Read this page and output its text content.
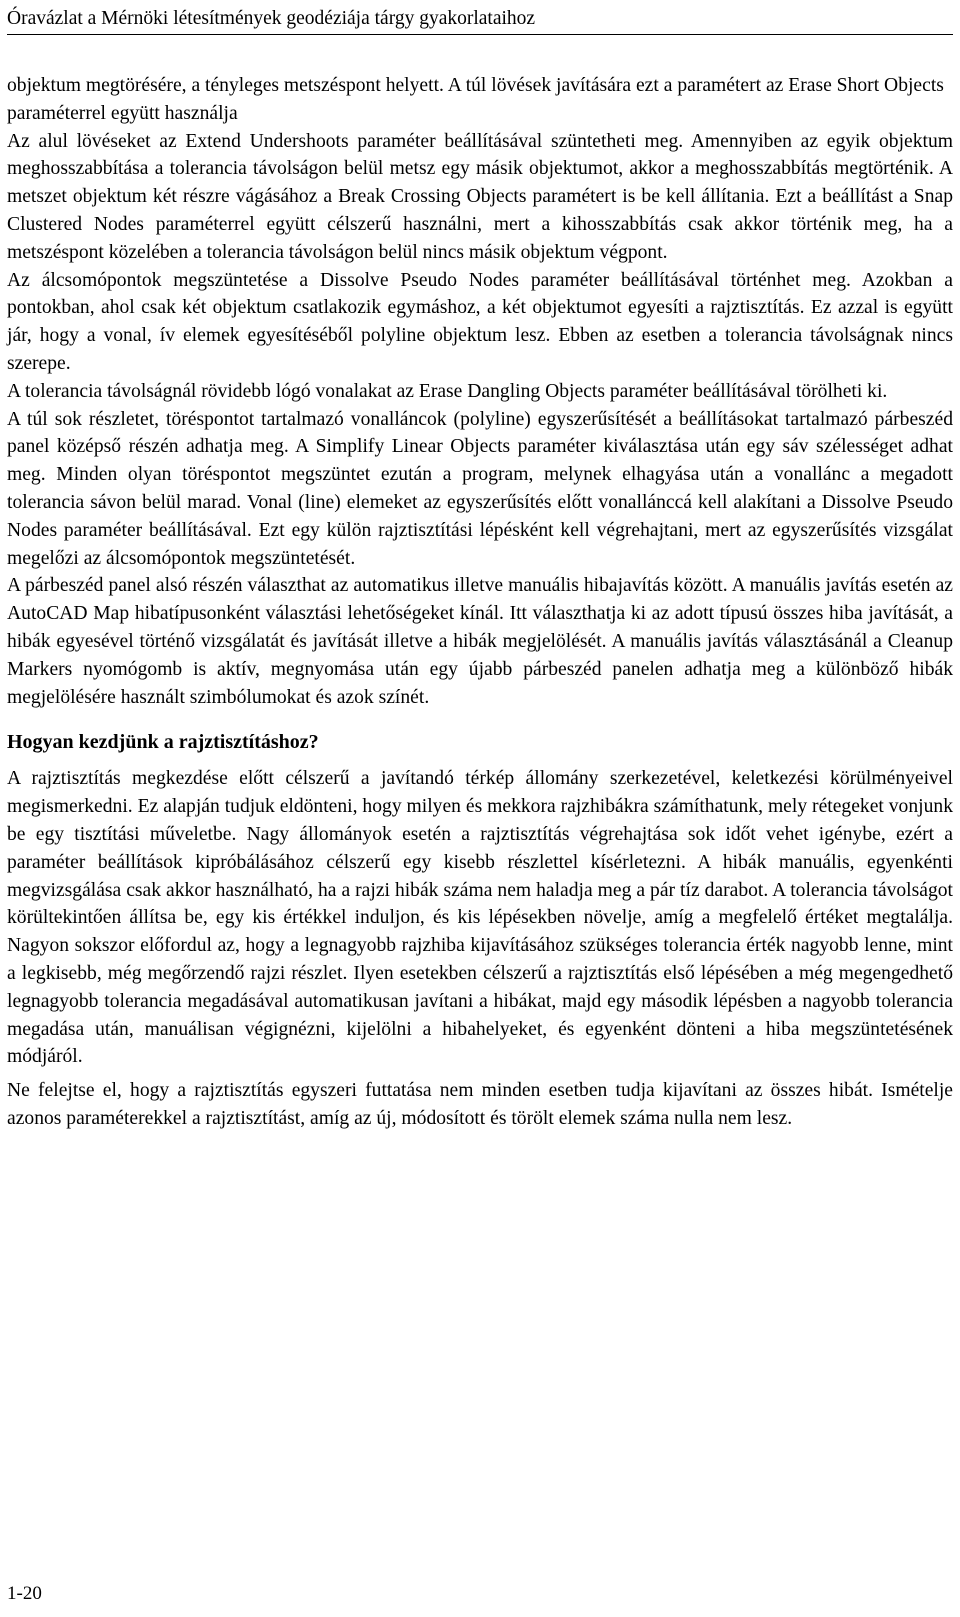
Óravázlat a Mérnöki létesítmények geodéziája tárgy gyakorlataihoz

objektum megtörésére, a tényleges metszéspont helyett. A túl lövések javítására ezt a paramétert az Erase Short Objects paraméterrel együtt használja

Az alul lövéseket az Extend Undershoots paraméter beállításával szüntetheti meg. Amennyiben az egyik objektum meghosszabbítása a tolerancia távolságon belül metsz egy másik objektumot, akkor a meghosszabbítás megtörténik. A metszet objektum két részre vágásához a Break Crossing Objects paramétert is be kell állítania. Ezt a beállítást a Snap Clustered Nodes paraméterrel együtt célszerű használni, mert a kihosszabbítás csak akkor történik meg, ha a metszéspont közelében a tolerancia távolságon belül nincs másik objektum végpont.

Az álcsomópontok megszüntetése a Dissolve Pseudo Nodes paraméter beállításával történhet meg. Azokban a pontokban, ahol csak két objektum csatlakozik egymáshoz, a két objektumot egyesíti a rajztisztítás. Ez azzal is együtt jár, hogy a vonal, ív elemek egyesítéséből polyline objektum lesz. Ebben az esetben a tolerancia távolságnak nincs szerepe.

A tolerancia távolságnál rövidebb lógó vonalakat az Erase Dangling Objects paraméter beállításával törölheti ki.

A túl sok részletet, töréspontot tartalmazó vonalláncok (polyline) egyszerűsítését a beállításokat tartalmazó párbeszéd panel középső részén adhatja meg. A Simplify Linear Objects paraméter kiválasztása után egy sáv szélességet adhat meg. Minden olyan töréspontot megszüntet ezután a program, melynek elhagyása után a vonallánc a megadott tolerancia sávon belül marad. Vonal (line) elemeket az egyszerűsítés előtt vonallánccá kell alakítani a Dissolve Pseudo Nodes paraméter beállításával. Ezt egy külön rajztisztítási lépésként kell végrehajtani, mert az egyszerűsítés vizsgálat megelőzi az álcsomópontok megszüntetését.

A párbeszéd panel alsó részén választhat az automatikus illetve manuális hibajavítás között. A manuális javítás esetén az AutoCAD Map hibatípusonként választási lehetőségeket kínál. Itt választhatja ki az adott típusú összes hiba javítását, a hibák egyesével történő vizsgálatát és javítását illetve a hibák megjelölését. A manuális javítás választásánál a Cleanup Markers nyomógomb is aktív, megnyomása után egy újabb párbeszéd panelen adhatja meg a különböző hibák megjelölésére használt szimbólumokat és azok színét.

Hogyan kezdjünk a rajztisztításhoz?

A rajztisztítás megkezdése előtt célszerű a javítandó térkép állomány szerkezetével, keletkezési körülményeivel megismerkedni. Ez alapján tudjuk eldönteni, hogy milyen és mekkora rajzhibákra számíthatunk, mely rétegeket vonjunk be egy tisztítási műveletbe. Nagy állományok esetén a rajztisztítás végrehajtása sok időt vehet igénybe, ezért a paraméter beállítások kipróbálásához célszerű egy kisebb részlettel kísérletezni. A hibák manuális, egyenkénti megvizsgálása csak akkor használható, ha a rajzi hibák száma nem haladja meg a pár tíz darabot. A tolerancia távolságot körültekintően állítsa be, egy kis értékkel induljon, és kis lépésekben növelje, amíg a megfelelő értéket megtalálja. Nagyon sokszor előfordul az, hogy a legnagyobb rajzhiba kijavításához szükséges tolerancia érték nagyobb lenne, mint a legkisebb, még megőrzendő rajzi részlet. Ilyen esetekben célszerű a rajztisztítás első lépésében a még megengedhető legnagyobb tolerancia megadásával automatikusan javítani a hibákat, majd egy második lépésben a nagyobb tolerancia megadása után, manuálisan végignézni, kijelölni a hibahelyeket, és egyenként dönteni a hiba megszüntetésének módjáról.

Ne felejtse el, hogy a rajztisztítás egyszeri futtatása nem minden esetben tudja kijavítani az összes hibát. Ismételje azonos paraméterekkel a rajztisztítást, amíg az új, módosított és törölt elemek száma nulla nem lesz.

1-20
